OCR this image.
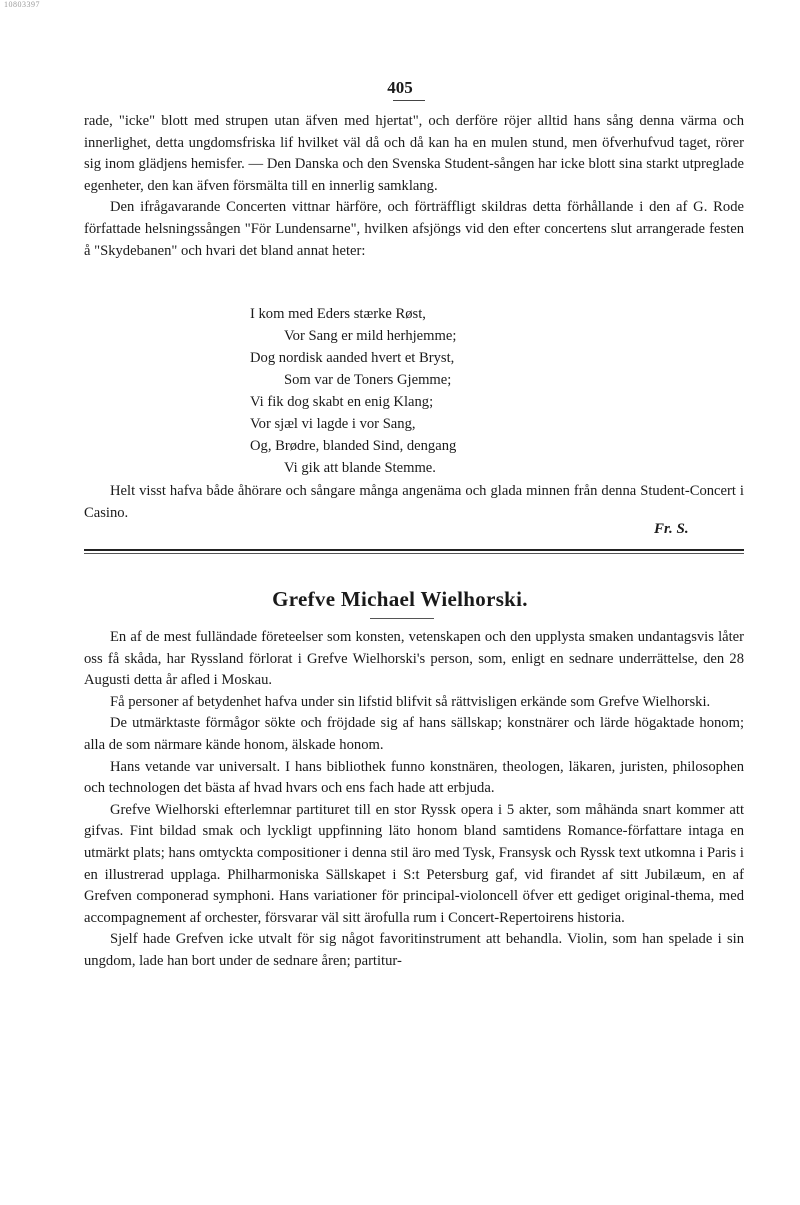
10803397
405

rade, "icke" blott med strupen utan äfven med hjertat", och derföre röjer alltid hans sång denna värma och innerlighet, detta ungdomsfriska lif hvilket väl då och då kan ha en mulen stund, men öfverhufvud taget, rörer sig inom glädjens hemisfer. — Den Danska och den Svenska Student-sången har icke blott sina starkt utpreglade egenheter, den kan äfven försmälta till en innerlig samklang.

Den ifrågavarande Concerten vittnar härföre, och förträffligt skildras detta förhållande i den af G. Rode författade helsningssången "För Lundensarne", hvilken afsjöngs vid den efter concertens slut arrangerade festen å "Skydebanen" och hvari det bland annat heter:

I kom med Eders stærke Røst,
Vor Sang er mild herhjemme;
Dog nordisk aanded hvert et Bryst,
Som var de Toners Gjemme;
Vi fik dog skabt en enig Klang;
Vor sjæl vi lagde i vor Sang,
Og, Brødre, blanded Sind, dengang
Vi gik att blande Stemme.

Helt visst hafva både åhörare och sångare många angenäma och glada minnen från denna Student-Concert i Casino.

Fr. S.
Grefve Michael Wielhorski.

En af de mest fulländade företeelser som konsten, vetenskapen och den upplysta smaken undantagsvis låter oss få skåda, har Ryssland förlorat i Grefve Wielhorski's person, som, enligt en sednare underrättelse, den 28 Augusti detta år afled i Moskau.

Få personer af betydenhet hafva under sin lifstid blifvit så rättvisligen erkände som Grefve Wielhorski.

De utmärktaste förmågor sökte och fröjdade sig af hans sällskap; konstnärer och lärde högaktade honom; alla de som närmare kände honom, älskade honom.

Hans vetande var universalt. I hans bibliothek funno konstnären, theologen, läkaren, juristen, philosophen och technologen det bästa af hvad hvars och ens fach hade att erbjuda.

Grefve Wielhorski efterlemnar partituret till en stor Ryssk opera i 5 akter, som måhända snart kommer att gifvas. Fint bildad smak och lyckligt uppfinning läto honom bland samtidens Romance-författare intaga en utmärkt plats; hans omtyckta compositioner i denna stil äro med Tysk, Fransysk och Ryssk text utkomna i Paris i en illustrerad upplaga. Philharmoniska Sällskapet i S:t Petersburg gaf, vid firandet af sitt Jubilæum, en af Grefven componerad symphoni. Hans variationer för principal-violoncell öfver ett gediget original-thema, med accompagnement af orchester, försvarar väl sitt ärofulla rum i Concert-Repertoirens historia.

Sjelf hade Grefven icke utvalt för sig något favoritinstrument att behandla. Violin, som han spelade i sin ungdom, lade han bort under de sednare åren; partitur-
